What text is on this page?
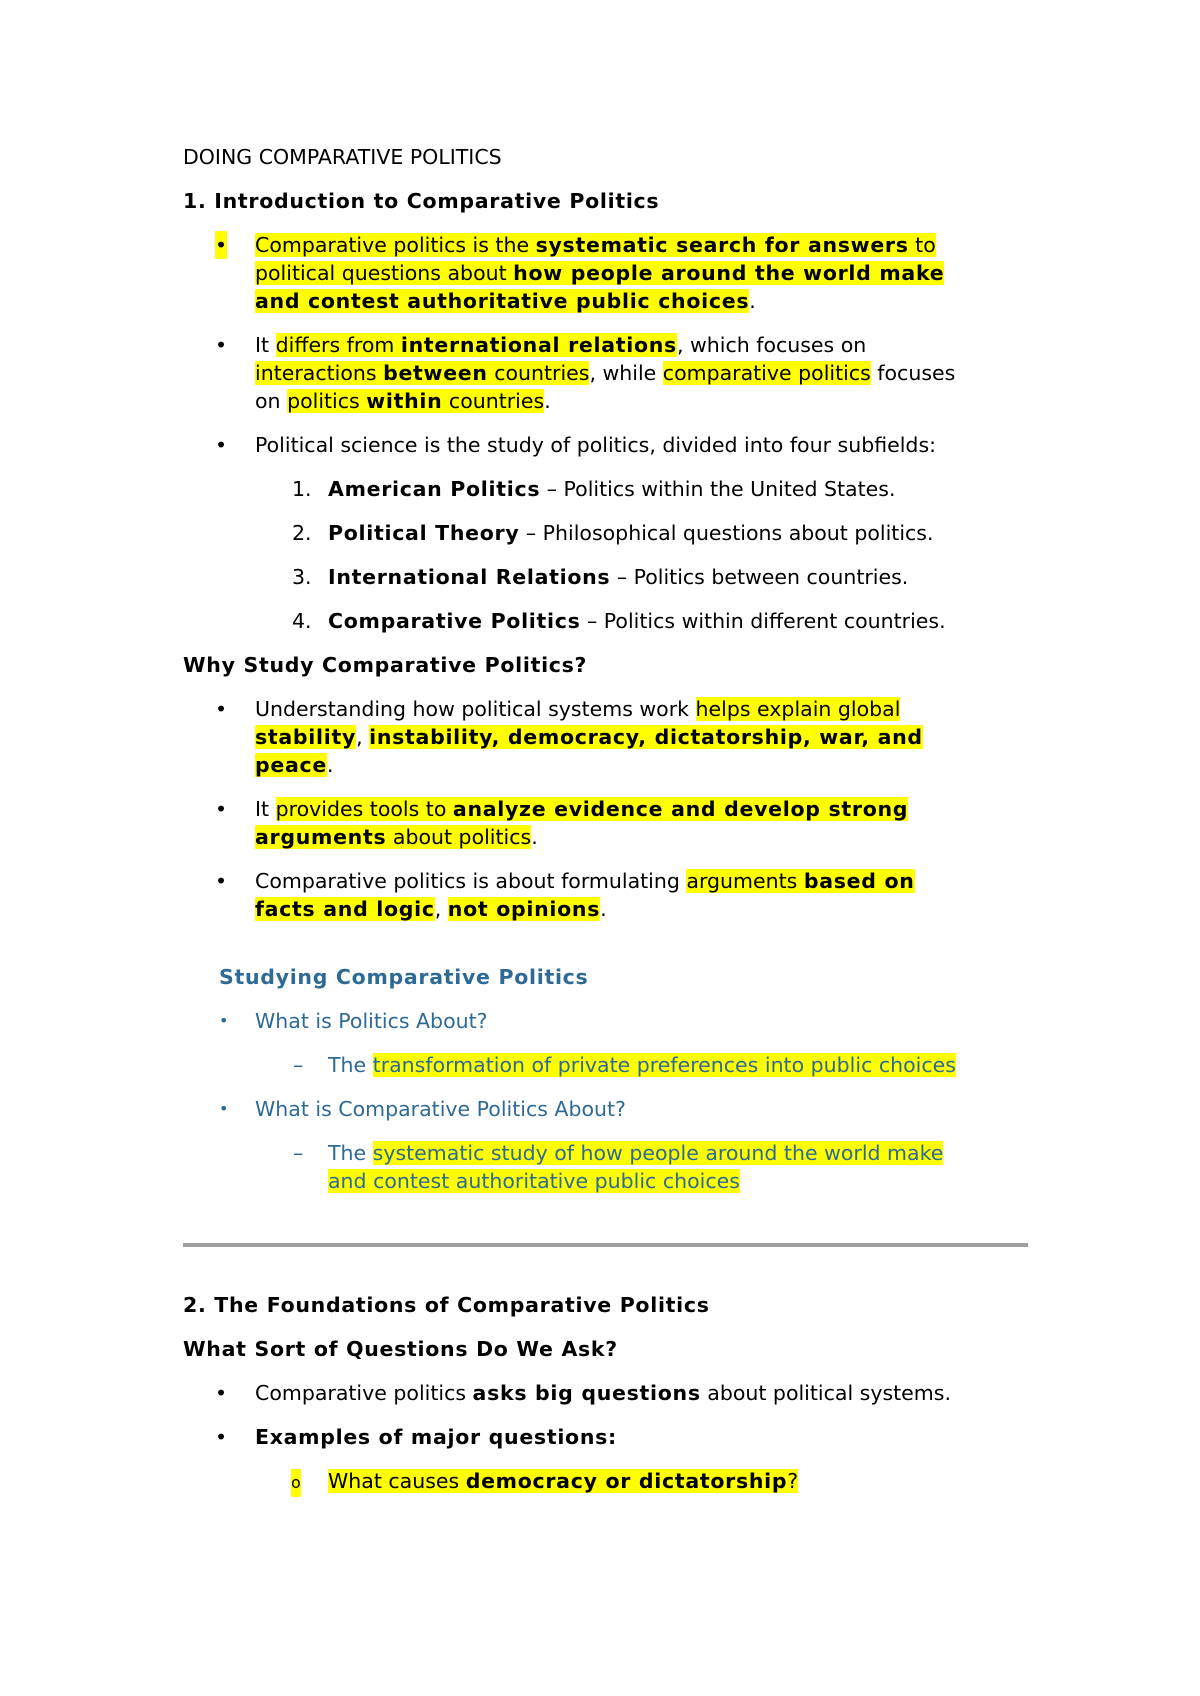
DOING COMPARATIVE POLITICS
1. Introduction to Comparative Politics
• Comparative politics is the systematic search for answers to
political questions about how people around the world make
and contest authoritative public choices.
• It differs from international relations, which focuses on
interactions between countries, while comparative politics focuses
on politics within countries.
• Political science is the study of politics, divided into four subfields:
1. American Politics – Politics within the United States.
2. Political Theory – Philosophical questions about politics.
3. International Relations – Politics between countries.
4. Comparative Politics – Politics within different countries.
Why Study Comparative Politics?
• Understanding how political systems work helps explain global
stability, instability, democracy, dictatorship, war, and
peace.
• It provides tools to analyze evidence and develop strong
arguments about politics.
• Comparative politics is about formulating arguments based on
facts and logic, not opinions.
Studying Comparative Politics
• What is Politics About?
– The transformation of private preferences into public choices
• What is Comparative Politics About?
– The systematic study of how people around the world make
and contest authoritative public choices
2. The Foundations of Comparative Politics
What Sort of Questions Do We Ask?
• Comparative politics asks big questions about political systems.
• Examples of major questions:
o What causes democracy or dictatorship?
